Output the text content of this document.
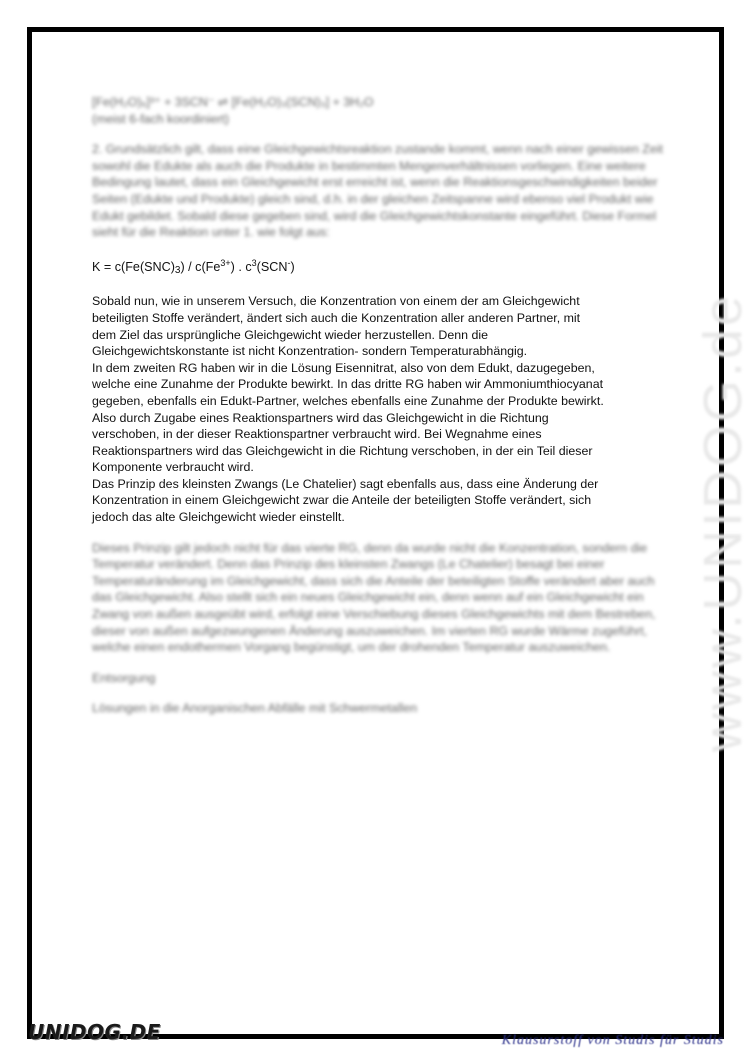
www.UNIDOG.de

[Fe(H₂O)₆]³⁺ + 3SCN⁻ ⇌ [Fe(H₂O)₃(SCN)₃] + 3H₂O

(meist 6-fach koordiniert)

2. Grundsätzlich gilt, dass eine Gleichgewichtsreaktion zustande kommt, wenn nach einer gewissen Zeit sowohl die Edukte als auch die Produkte in bestimmten Mengenverhältnissen vorliegen. Eine weitere Bedingung lautet, dass ein Gleichgewicht erst erreicht ist, wenn die Reaktionsgeschwindigkeiten beider Seiten (Edukte und Produkte) gleich sind, d.h. in der gleichen Zeitspanne wird ebenso viel Produkt wie Edukt gebildet. Sobald diese gegeben sind, wird die Gleichgewichtskonstante eingeführt. Diese Formel sieht für die Reaktion unter 1. wie folgt aus:

$K = c(Fe(SNC)_3) / c(Fe^{3+})$ . $c^3(SCN^-)$

Sobald nun, wie in unserem Versuch, die Konzentration von einem der am Gleichgewicht
beteiligten Stoffe verändert, ändert sich auch die Konzentration aller anderen Partner, mit
dem Ziel das ursprüngliche Gleichgewicht wieder herzustellen. Denn die
Gleichgewichtskonstante ist nicht Konzentration- sondern Temperaturabhängig.
In dem zweiten RG haben wir in die Lösung Eisennitrat, also von dem Edukt, dazugegeben,
welche eine Zunahme der Produkte bewirkt. In das dritte RG haben wir Ammoniumthiocyanat
gegeben, ebenfalls ein Edukt-Partner, welches ebenfalls eine Zunahme der Produkte bewirkt.
Also durch Zugabe eines Reaktionspartners wird das Gleichgewicht in die Richtung
verschoben, in der dieser Reaktionspartner verbraucht wird. Bei Wegnahme eines
Reaktionspartners wird das Gleichgewicht in die Richtung verschoben, in der ein Teil dieser
Komponente verbraucht wird.
Das Prinzip des kleinsten Zwangs (Le Chatelier) sagt ebenfalls aus, dass eine Änderung der
Konzentration in einem Gleichgewicht zwar die Anteile der beteiligten Stoffe verändert, sich
jedoch das alte Gleichgewicht wieder einstellt.

Dieses Prinzip gilt jedoch nicht für das vierte RG, denn da wurde nicht die Konzentration, sondern die Temperatur verändert. Denn das Prinzip des kleinsten Zwangs (Le Chatelier) besagt bei einer Temperaturänderung im Gleichgewicht, dass sich die Anteile der beteiligten Stoffe verändert aber auch das Gleichgewicht. Also stellt sich ein neues Gleichgewicht ein, denn wenn auf ein Gleichgewicht ein Zwang von außen ausgeübt wird, erfolgt eine Verschiebung dieses Gleichgewichts mit dem Bestreben, dieser von außen aufgezwungenen Änderung auszuweichen. Im vierten RG wurde Wärme zugeführt, welche einen endothermen Vorgang begünstigt, um der drohenden Temperatur auszuweichen.

Entsorgung

Lösungen in die Anorganischen Abfälle mit Schwermetallen

UNIDOG.DE	Klausurstoff von Studis für Studis
